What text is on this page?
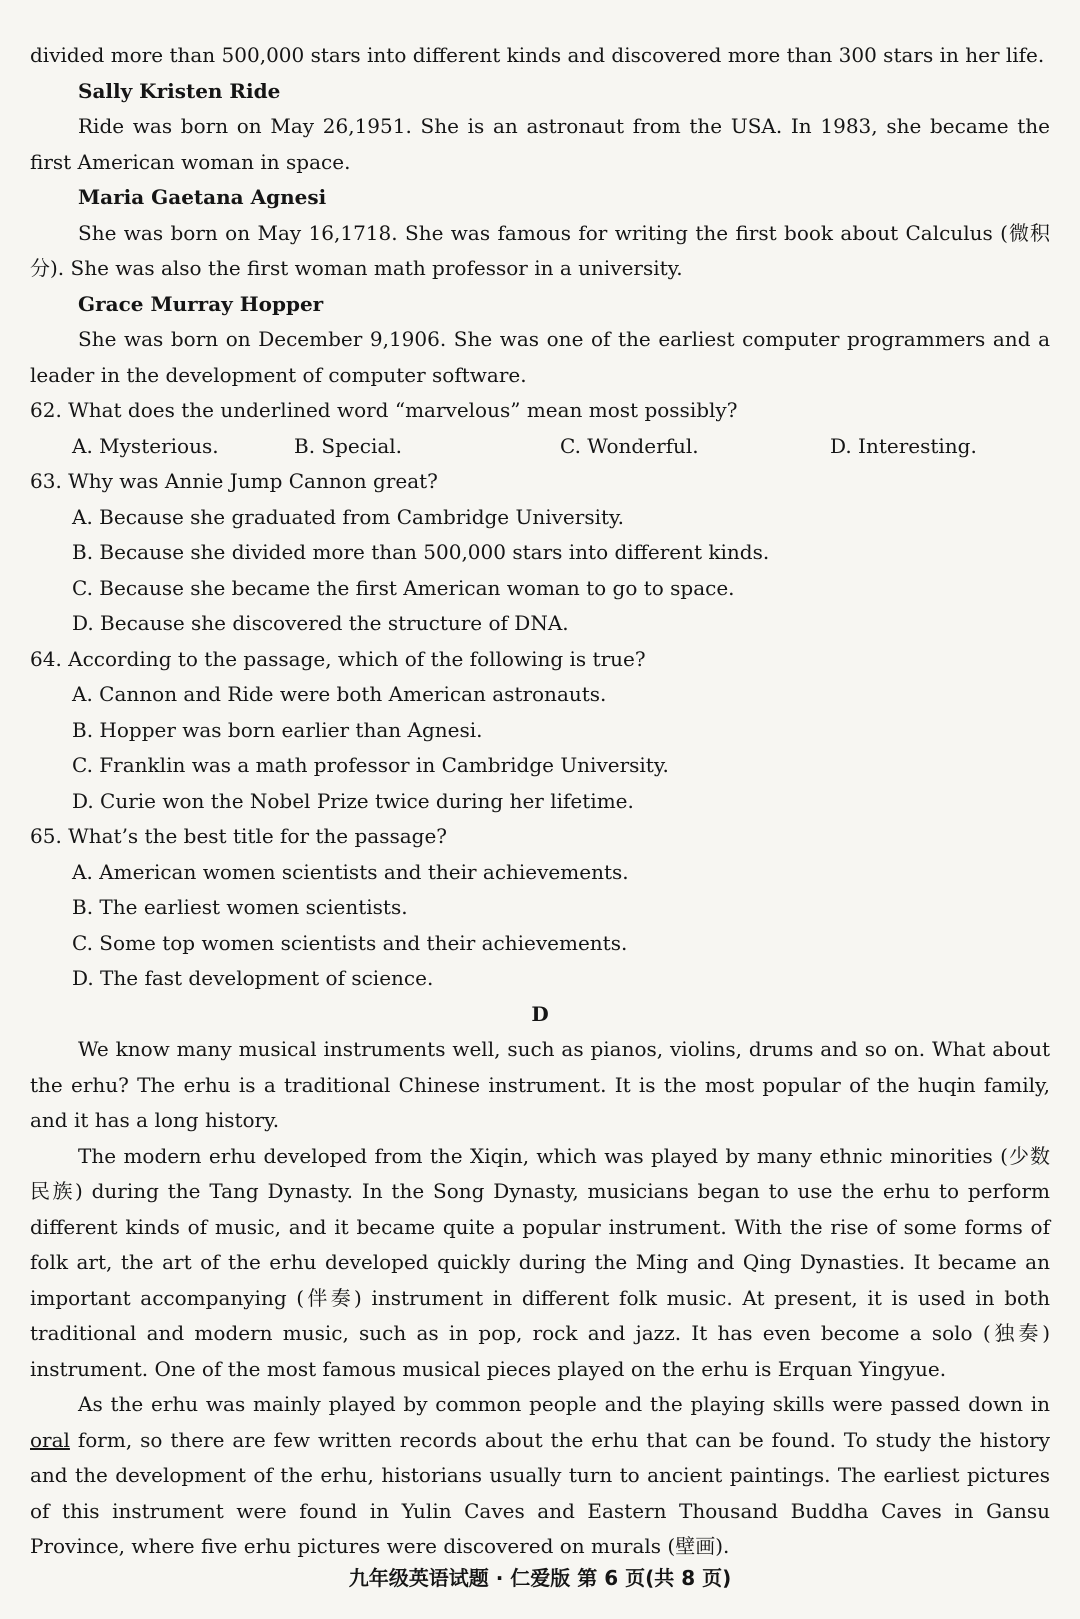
divided more than 500,000 stars into different kinds and discovered more than 300 stars in her life.

Sally Kristen Ride

Ride was born on May 26,1951. She is an astronaut from the USA. In 1983, she became the first American woman in space.

Maria Gaetana Agnesi

She was born on May 16,1718. She was famous for writing the first book about Calculus (微积分). She was also the first woman math professor in a university.

Grace Murray Hopper

She was born on December 9,1906. She was one of the earliest computer programmers and a leader in the development of computer software.

62. What does the underlined word “marvelous” mean most possibly?

A. Mysterious.	B. Special.	C. Wonderful.	D. Interesting.

63. Why was Annie Jump Cannon great?

A. Because she graduated from Cambridge University.

B. Because she divided more than 500,000 stars into different kinds.

C. Because she became the first American woman to go to space.

D. Because she discovered the structure of DNA.

64. According to the passage, which of the following is true?

A. Cannon and Ride were both American astronauts.

B. Hopper was born earlier than Agnesi.

C. Franklin was a math professor in Cambridge University.

D. Curie won the Nobel Prize twice during her lifetime.

65. What’s the best title for the passage?

A. American women scientists and their achievements.

B. The earliest women scientists.

C. Some top women scientists and their achievements.

D. The fast development of science.

D

We know many musical instruments well, such as pianos, violins, drums and so on. What about the erhu? The erhu is a traditional Chinese instrument. It is the most popular of the huqin family, and it has a long history.

The modern erhu developed from the Xiqin, which was played by many ethnic minorities (少数民族) during the Tang Dynasty. In the Song Dynasty, musicians began to use the erhu to perform different kinds of music, and it became quite a popular instrument. With the rise of some forms of folk art, the art of the erhu developed quickly during the Ming and Qing Dynasties. It became an important accompanying (伴奏) instrument in different folk music. At present, it is used in both traditional and modern music, such as in pop, rock and jazz. It has even become a solo (独奏) instrument. One of the most famous musical pieces played on the erhu is Erquan Yingyue.

As the erhu was mainly played by common people and the playing skills were passed down in oral form, so there are few written records about the erhu that can be found. To study the history and the development of the erhu, historians usually turn to ancient paintings. The earliest pictures of this instrument were found in Yulin Caves and Eastern Thousand Buddha Caves in Gansu Province, where five erhu pictures were discovered on murals (壁画).

九年级英语试题 · 仁爱版 第 6 页(共 8 页)
